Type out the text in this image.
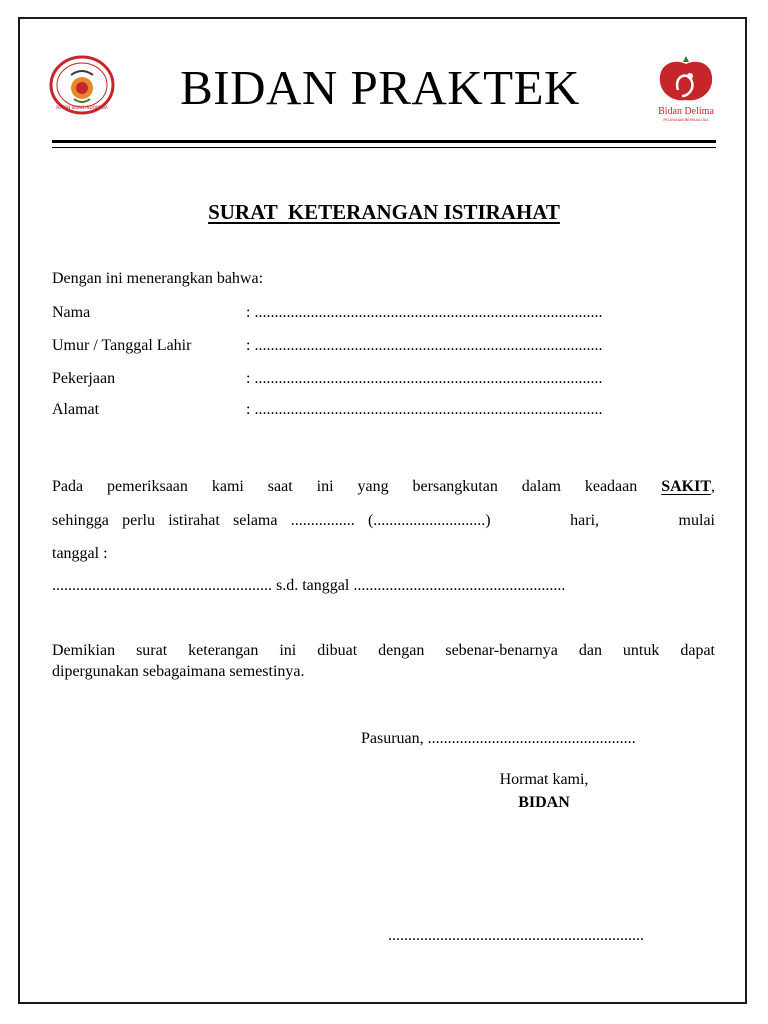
IKATAN BIDAN INDONESIA	BIDAN PRAKTEK	Bidan Delima
PELAYANAN BERKUALITAS
SURAT  KETERANGAN ISTIRAHAT
Dengan ini menerangkan bahwa:
Nama	: .......................................................................................
Umur / Tanggal Lahir	: .......................................................................................
Pekerjaan	: .......................................................................................
Alamat	: .......................................................................................
Pada pemeriksaan kami saat ini yang bersangkutan dalam keadaan SAKIT,
sehingga perlu istirahat selama ................ (............................)      hari,      mulai
tanggal :
....................................................... s.d. tanggal .....................................................
Demikian surat keterangan ini dibuat dengan sebenar-benarnya dan untuk dapat
dipergunakan sebagaimana semestinya.
Pasuruan, ....................................................
Hormat kami,
BIDAN
................................................................
